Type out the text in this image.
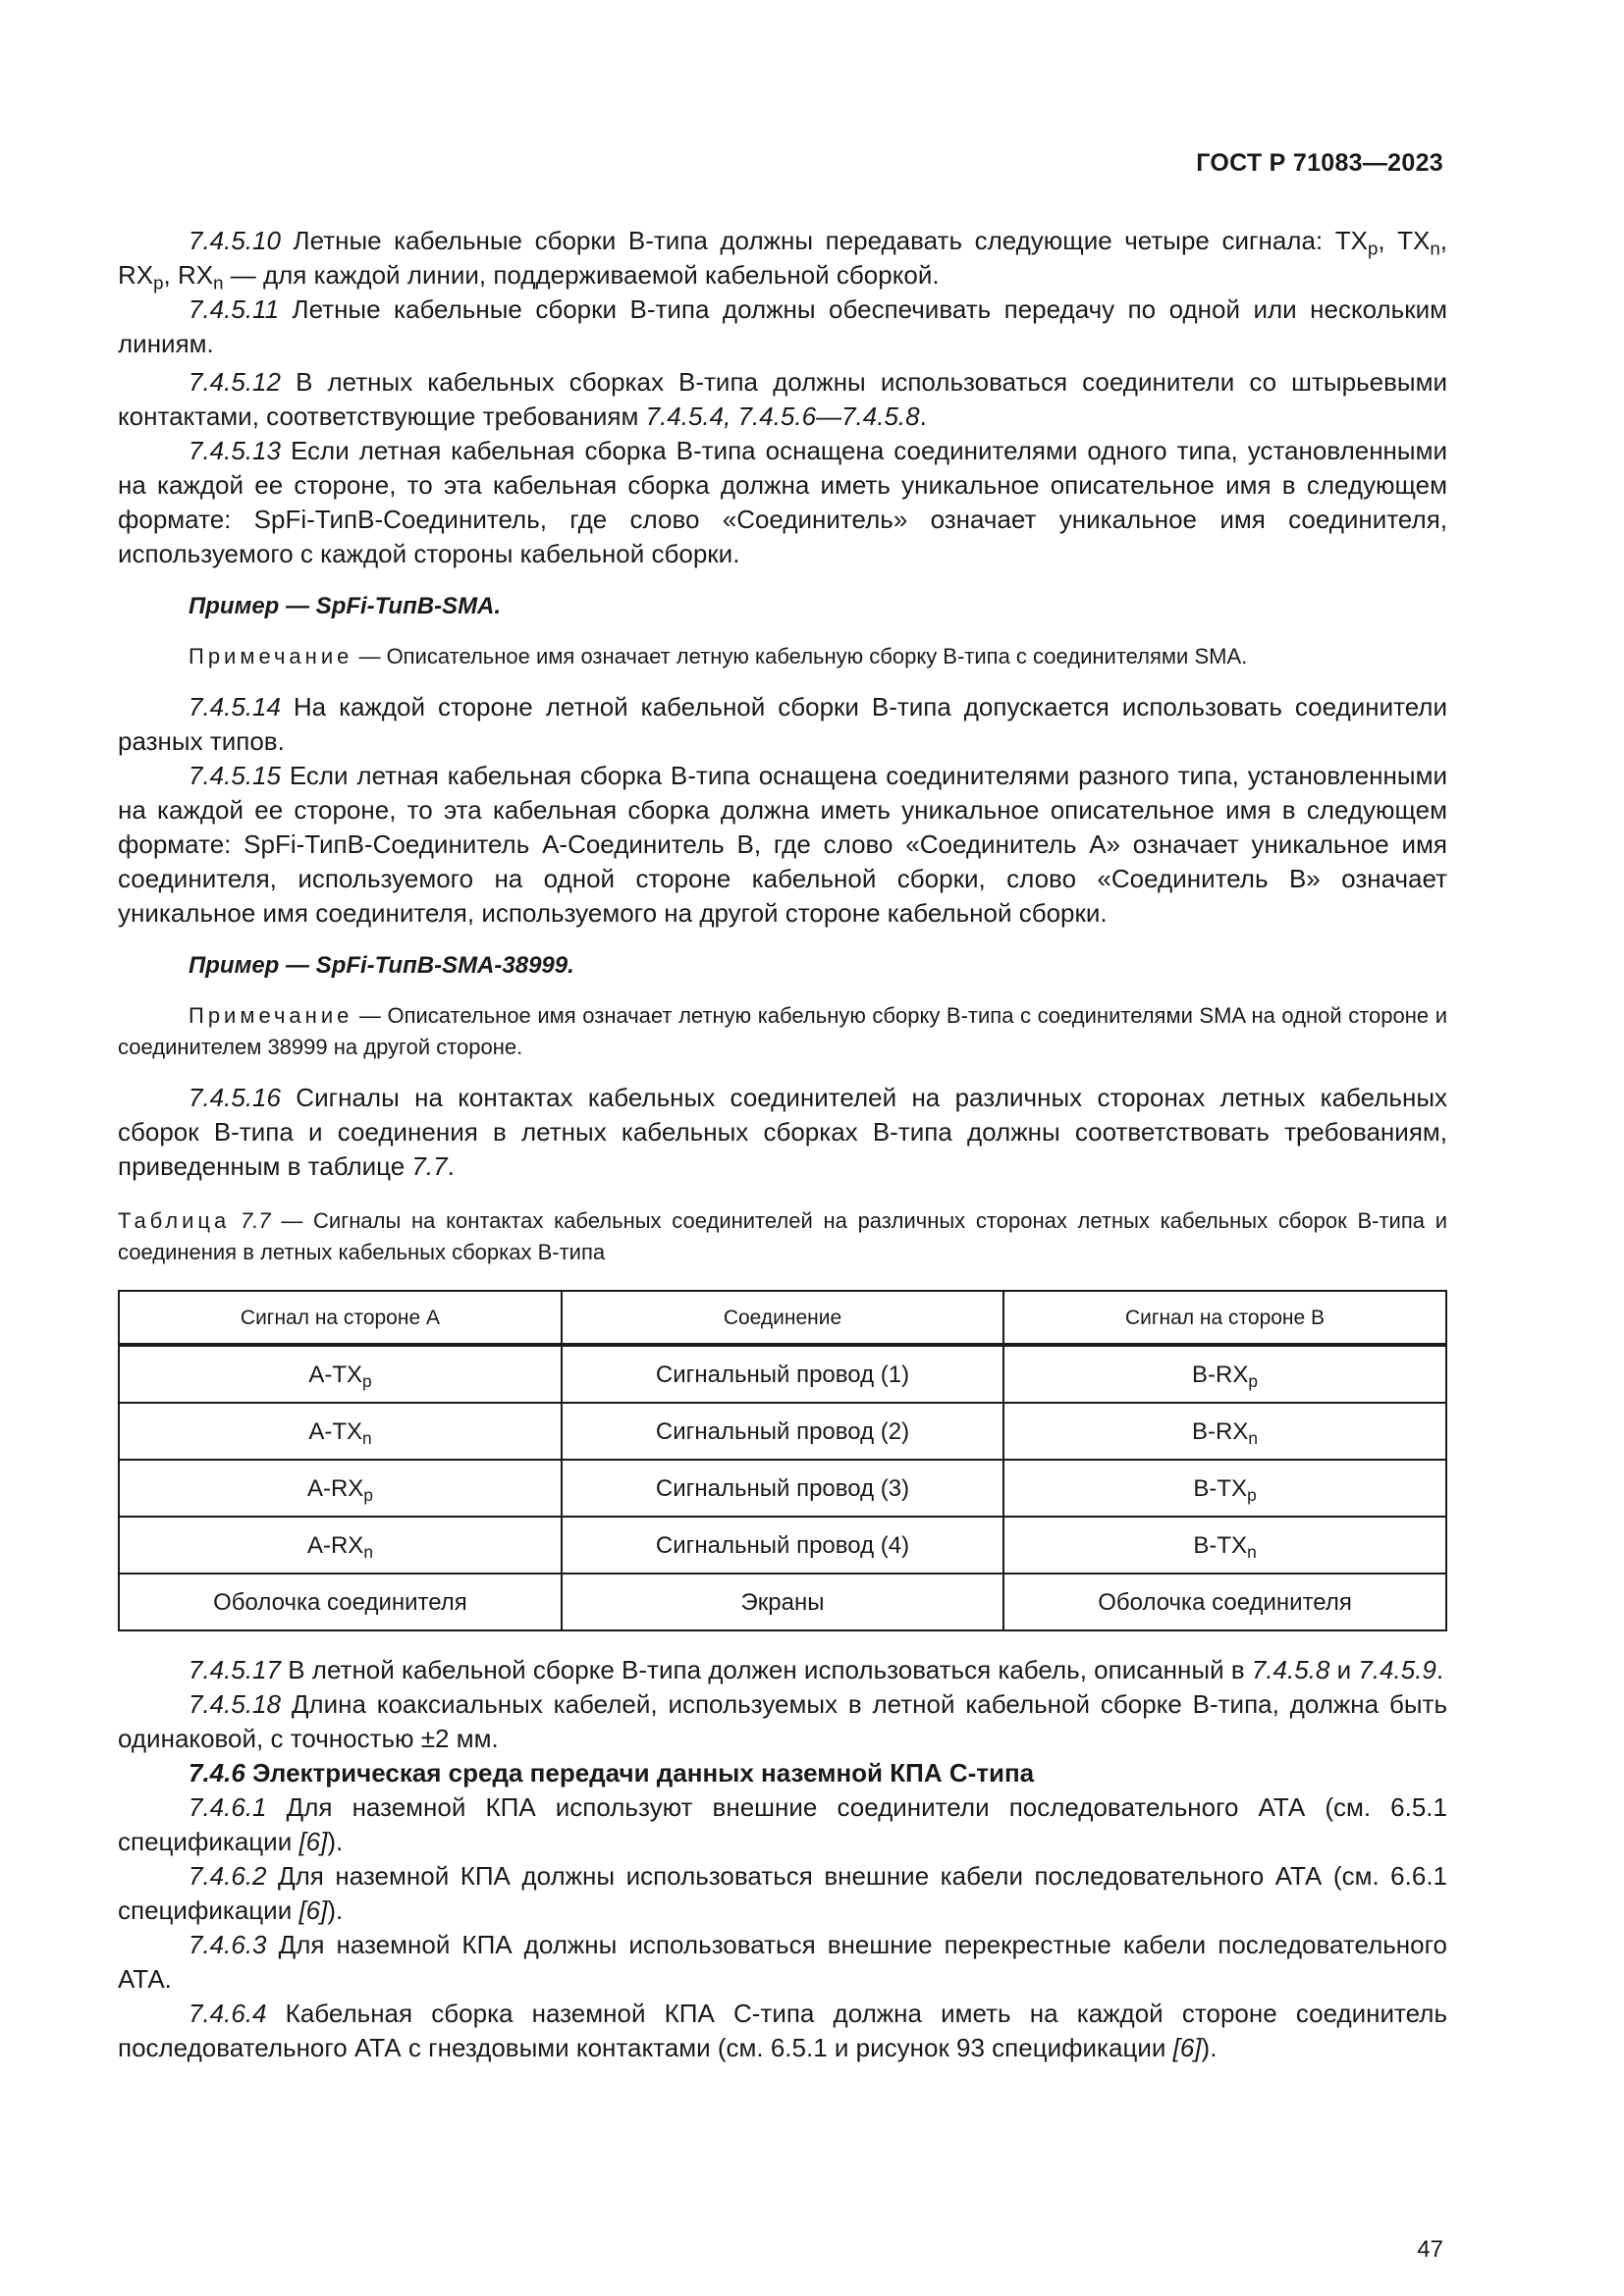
ГОСТ Р 71083—2023

7.4.5.10 Летные кабельные сборки В-типа должны передавать следующие четыре сигнала: $ТХ_p$, $ТХ_n$, $RX_p$, $RX_n$ — для каждой линии, поддерживаемой кабельной сборкой.

7.4.5.11 Летные кабельные сборки В-типа должны обеспечивать передачу по одной или нескольким линиям.

7.4.5.12 В летных кабельных сборках В-типа должны использоваться соединители со штырьевыми контактами, соответствующие требованиям 7.4.5.4, 7.4.5.6—7.4.5.8.

7.4.5.13 Если летная кабельная сборка В-типа оснащена соединителями одного типа, установленными на каждой ее стороне, то эта кабельная сборка должна иметь уникальное описательное имя в следующем формате: SpFi-ТипВ-Соединитель, где слово «Соединитель» означает уникальное имя соединителя, используемого с каждой стороны кабельной сборки.

Пример — SpFi-ТипВ-SMA.

Примечание — Описательное имя означает летную кабельную сборку В-типа с соединителями SMA.

7.4.5.14 На каждой стороне летной кабельной сборки В-типа допускается использовать соединители разных типов.

7.4.5.15 Если летная кабельная сборка В-типа оснащена соединителями разного типа, установленными на каждой ее стороне, то эта кабельная сборка должна иметь уникальное описательное имя в следующем формате: SpFi-ТипВ-Соединитель А-Соединитель В, где слово «Соединитель А» означает уникальное имя соединителя, используемого на одной стороне кабельной сборки, слово «Соединитель В» означает уникальное имя соединителя, используемого на другой стороне кабельной сборки.

Пример — SpFi-ТипВ-SMA-38999.

Примечание — Описательное имя означает летную кабельную сборку В-типа с соединителями SMA на одной стороне и соединителем 38999 на другой стороне.

7.4.5.16 Сигналы на контактах кабельных соединителей на различных сторонах летных кабельных сборок В-типа и соединения в летных кабельных сборках В-типа должны соответствовать требованиям, приведенным в таблице 7.7.

Таблица 7.7 — Сигналы на контактах кабельных соединителей на различных сторонах летных кабельных сборок В-типа и соединения в летных кабельных сборках В-типа

Сигнал на стороне А	Соединение	Сигнал на стороне В
$A-TX_p$	Сигнальный провод (1)	$B-RX_p$
$A-TX_n$	Сигнальный провод (2)	$B-RX_n$
$A-RX_p$	Сигнальный провод (3)	$B-TX_p$
$A-RX_n$	Сигнальный провод (4)	$B-TX_n$
Оболочка соединителя	Экраны	Оболочка соединителя

7.4.5.17 В летной кабельной сборке В-типа должен использоваться кабель, описанный в 7.4.5.8 и 7.4.5.9.

7.4.5.18 Длина коаксиальных кабелей, используемых в летной кабельной сборке В-типа, должна быть одинаковой, с точностью ±2 мм.

7.4.6 Электрическая среда передачи данных наземной КПА С-типа

7.4.6.1 Для наземной КПА используют внешние соединители последовательного АТА (см. 6.5.1 спецификации [6]).

7.4.6.2 Для наземной КПА должны использоваться внешние кабели последовательного АТА (см. 6.6.1 спецификации [6]).

7.4.6.3 Для наземной КПА должны использоваться внешние перекрестные кабели последовательного АТА.

7.4.6.4 Кабельная сборка наземной КПА С-типа должна иметь на каждой стороне соединитель последовательного АТА с гнездовыми контактами (см. 6.5.1 и рисунок 93 спецификации [6]).

47
